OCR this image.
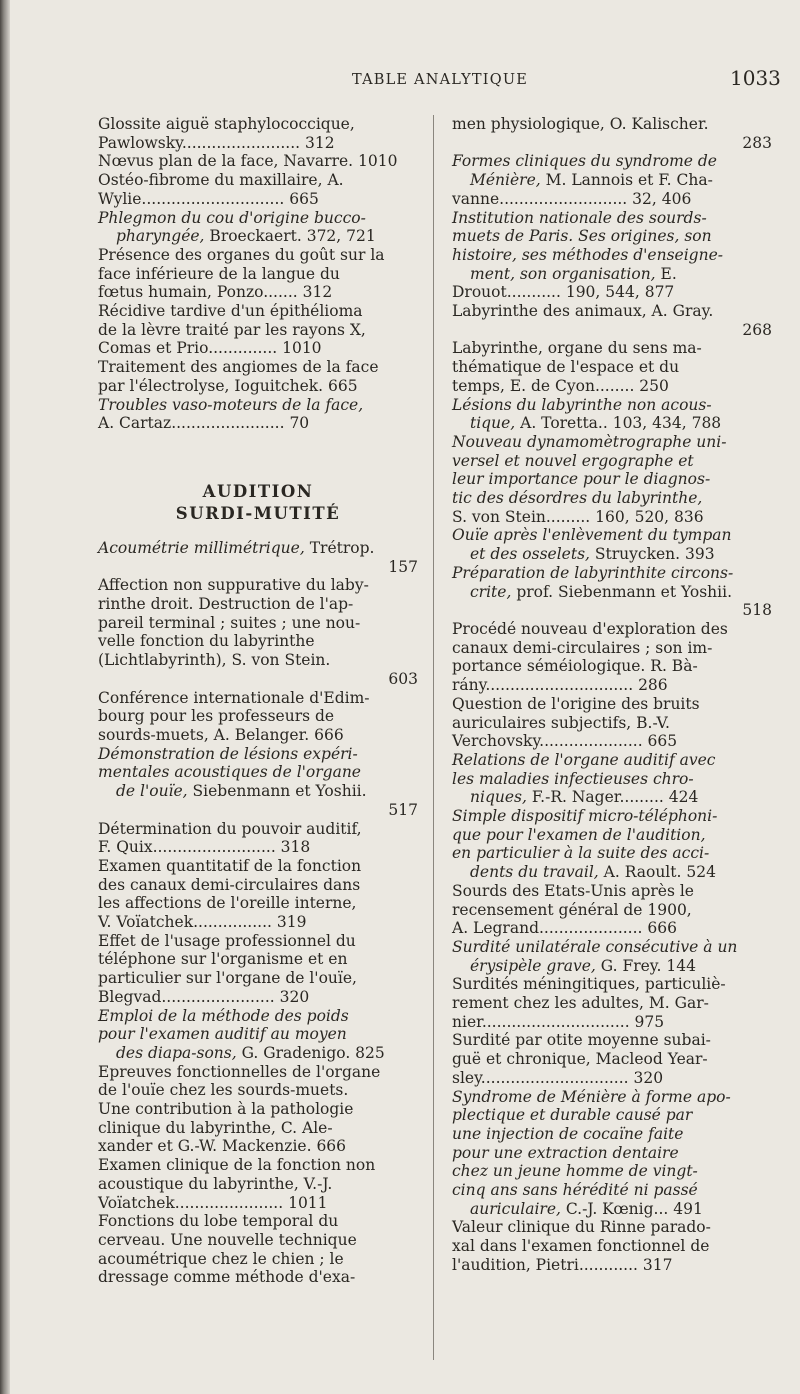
TABLE ANALYTIQUE	1033

Glossite aiguë staphylococcique,
Pawlowsky........................ 312

Nœvus plan de la face, Navarre. 1010

Ostéo-fibrome du maxillaire, A.
Wylie............................. 665

Phlegmon du cou d'origine bucco-
pharyngée, Broeckaert. 372, 721

Présence des organes du goût sur la
face inférieure de la langue du
fœtus humain, Ponzo....... 312

Récidive tardive d'un épithélioma
de la lèvre traité par les rayons X,
Comas et Prio.............. 1010

Traitement des angiomes de la face
par l'électrolyse, Ioguitchek. 665

Troubles vaso-moteurs de la face,
A. Cartaz....................... 70

AUDITION

SURDI-MUTITÉ

Acoumétrie millimétrique, Trétrop.

157

Affection non suppurative du laby-
rinthe droit. Destruction de l'ap-
pareil terminal ; suites ; une nou-
velle fonction du labyrinthe
(Lichtlabyrinth), S. von Stein.
603

Conférence internationale d'Edim-
bourg pour les professeurs de
sourds-muets, A. Belanger. 666

Démonstration de lésions expéri-
mentales acoustiques de l'organe
de l'ouïe, Siebenmann et Yoshii.

517

Détermination du pouvoir auditif,
F. Quix......................... 318

Examen quantitatif de la fonction
des canaux demi-circulaires dans
les affections de l'oreille interne,
V. Voïatchek................ 319

Effet de l'usage professionnel du
téléphone sur l'organisme et en
particulier sur l'organe de l'ouïe,
Blegvad....................... 320

Emploi de la méthode des poids
pour l'examen auditif au moyen
des diapa-sons, G. Gradenigo. 825

Epreuves fonctionnelles de l'organe
de l'ouïe chez les sourds-muets.
Une contribution à la pathologie
clinique du labyrinthe, C. Ale-
xander et G.-W. Mackenzie. 666

Examen clinique de la fonction non
acoustique du labyrinthe, V.-J.
Voïatchek...................... 1011

Fonctions du lobe temporal du
cerveau. Une nouvelle technique
acoumétrique chez le chien ; le
dressage comme méthode d'exa-

men physiologique, O. Kalischer.
283

Formes cliniques du syndrome de
Ménière, M. Lannois et F. Cha-

vanne.......................... 32, 406

Institution nationale des sourds-
muets de Paris. Ses origines, son
histoire, ses méthodes d'enseigne-
ment, son organisation, E.

Drouot........... 190, 544, 877

Labyrinthe des animaux, A. Gray.
268

Labyrinthe, organe du sens ma-
thématique de l'espace et du
temps, E. de Cyon........ 250

Lésions du labyrinthe non acous-
tique, A. Toretta.. 103, 434, 788

Nouveau dynamomètrographe uni-
versel et nouvel ergographe et
leur importance pour le diagnos-
tic des désordres du labyrinthe,
S. von Stein......... 160, 520, 836

Ouïe après l'enlèvement du tympan
et des osselets, Struycken. 393

Préparation de labyrinthite circons-
crite, prof. Siebenmann et Yoshii.

518

Procédé nouveau d'exploration des
canaux demi-circulaires ; son im-
portance séméiologique. R. Bà-
rány.............................. 286

Question de l'origine des bruits
auriculaires subjectifs, B.-V.
Verchovsky..................... 665

Relations de l'organe auditif avec
les maladies infectieuses chro-
niques, F.-R. Nager......... 424

Simple dispositif micro-téléphoni-
que pour l'examen de l'audition,
en particulier à la suite des acci-
dents du travail, A. Raoult. 524

Sourds des Etats-Unis après le
recensement général de 1900,
A. Legrand..................... 666

Surdité unilatérale consécutive à un
érysipèle grave, G. Frey. 144

Surdités méningitiques, particuliè-
rement chez les adultes, M. Gar-
nier.............................. 975

Surdité par otite moyenne subai-
guë et chronique, Macleod Year-
sley.............................. 320

Syndrome de Ménière à forme apo-
plectique et durable causé par
une injection de cocaïne faite
pour une extraction dentaire
chez un jeune homme de vingt-
cinq ans sans hérédité ni passé
auriculaire, C.-J. Kœnig... 491

Valeur clinique du Rinne parado-
xal dans l'examen fonctionnel de
l'audition, Pietri............ 317
